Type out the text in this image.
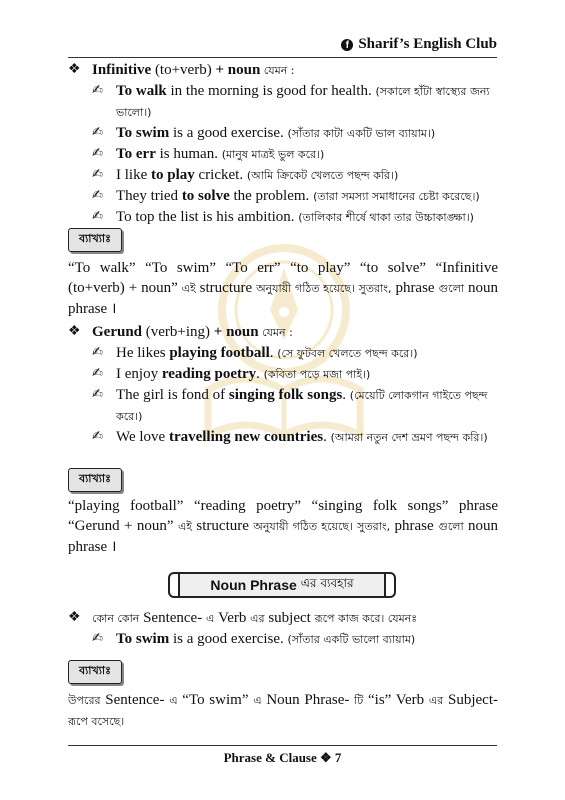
f Sharif’s English Club
❖ Infinitive (to+verb) + noun যেমন :
✍ To walk in the morning is good for health. (সকালে হাঁটা স্বাস্থ্যের জন্য ভালো।)
✍ To swim is a good exercise. (সাঁতার কাটা একটি ভাল ব্যায়াম।)
✍ To err is human. (মানুষ মাত্রই ভুল করে।)
✍ I like to play cricket. (আমি ক্রিকেট খেলতে পছন্দ করি।)
✍ They tried to solve the problem. (তারা সমস্যা সমাধানের চেষ্টা করেছে।)
✍ To top the list is his ambition. (তালিকার শীর্ষে থাকা তার উচ্চাকাঙ্ক্ষা।)
ব্যাখ্যাঃ
“To walk” “To swim” “To err” “to play” “to solve” “Infinitive (to+verb) + noun” এই structure অনুযায়ী গঠিত হয়েছে। সুতরাং, phrase গুলো noun phrase ।
❖ Gerund (verb+ing) + noun যেমন :
✍ He likes playing football. (সে ফুটবল খেলতে পছন্দ করে।)
✍ I enjoy reading poetry. (কবিতা পড়ে মজা পাই।)
✍ The girl is fond of singing folk songs. (মেয়েটি লোকগান গাইতে পছন্দ করে।)
✍ We love travelling new countries. (আমরা নতুন দেশ ভ্রমণ পছন্দ করি।)
ব্যাখ্যাঃ
“playing football” “reading poetry” “singing folk songs” phrase “Gerund + noun” এই structure অনুযায়ী গঠিত হয়েছে। সুতরাং, phrase গুলো noun phrase ।
Noun Phrase এর ব্যবহার
❖ কোন কোন Sentence- এ Verb এর subject রূপে কাজ করে। যেমনঃ
✍ To swim is a good exercise. (সাঁতার একটি ভালো ব্যায়াম)
ব্যাখ্যাঃ
উপরের Sentence- এ “To swim” এ Noun Phrase- টি “is” Verb এর Subject-রূপে বসেছে।
Phrase & Clause ❖ 7
